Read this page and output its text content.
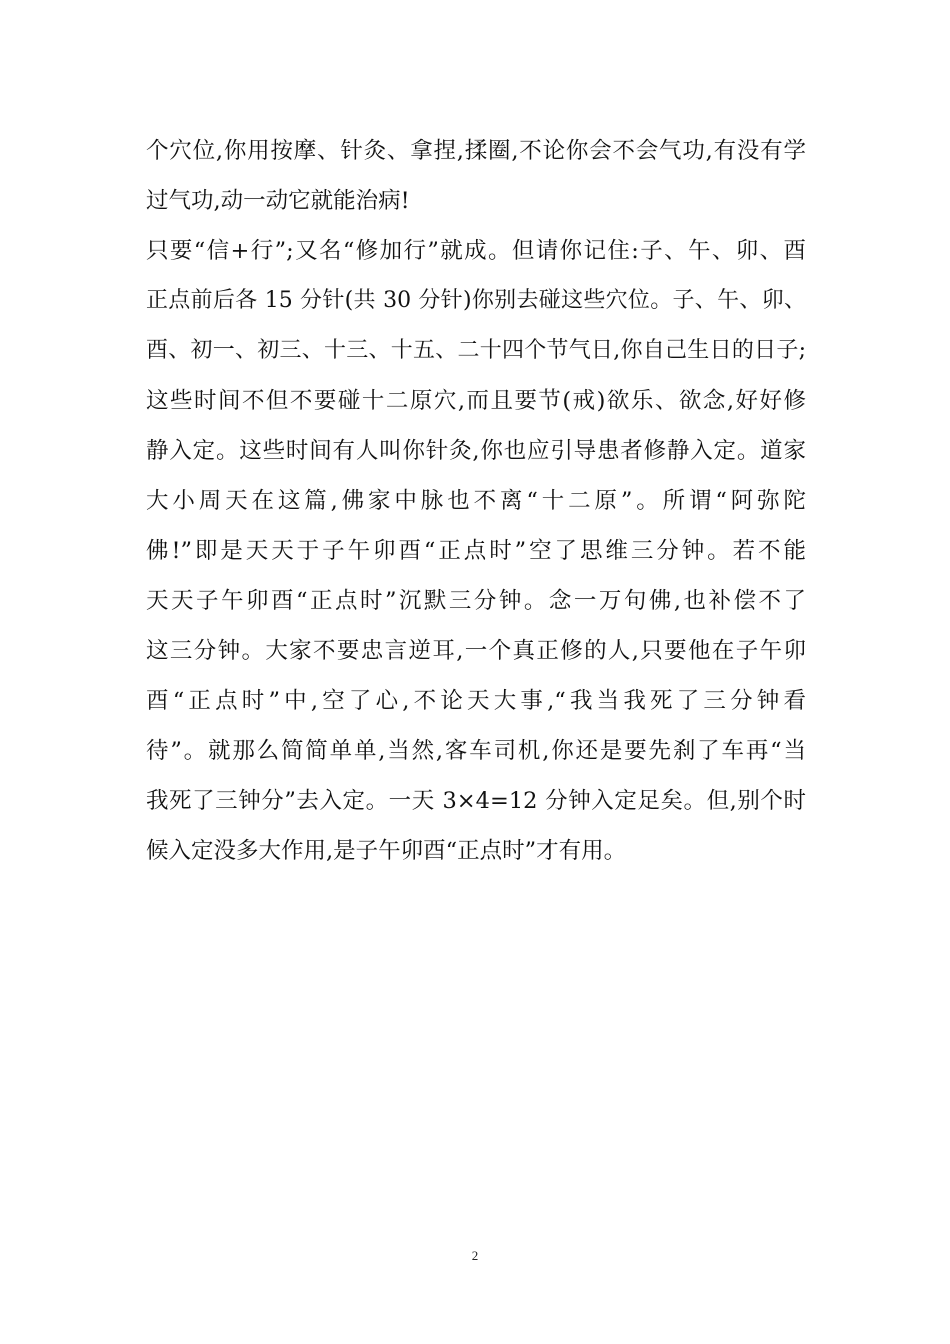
个穴位,你用按摩、针灸、拿捏,揉圈,不论你会不会气功,有没有学
过气功,动一动它就能治病!
只要“信+行”;又名“修加行”就成。但请你记住:子、午、卯、酉
正点前后各 15 分针(共 30 分针)你别去碰这些穴位。子、午、卯、
酉、初一、初三、十三、十五、二十四个节气日,你自己生日的日子;
这些时间不但不要碰十二原穴,而且要节(戒)欲乐、欲念,好好修
静入定。这些时间有人叫你针灸,你也应引导患者修静入定。道家
大小周天在这篇,佛家中脉也不离“十二原”。所谓“阿弥陀
佛!”即是天天于子午卯酉“正点时”空了思维三分钟。若不能
天天子午卯酉“正点时”沉默三分钟。念一万句佛,也补偿不了
这三分钟。大家不要忠言逆耳,一个真正修的人,只要他在子午卯
酉“正点时”中,空了心,不论天大事,“我当我死了三分钟看
待”。就那么简简单单,当然,客车司机,你还是要先刹了车再“当
我死了三钟分”去入定。一天 3×4=12 分钟入定足矣。但,别个时
候入定没多大作用,是子午卯酉“正点时”才有用。
2
